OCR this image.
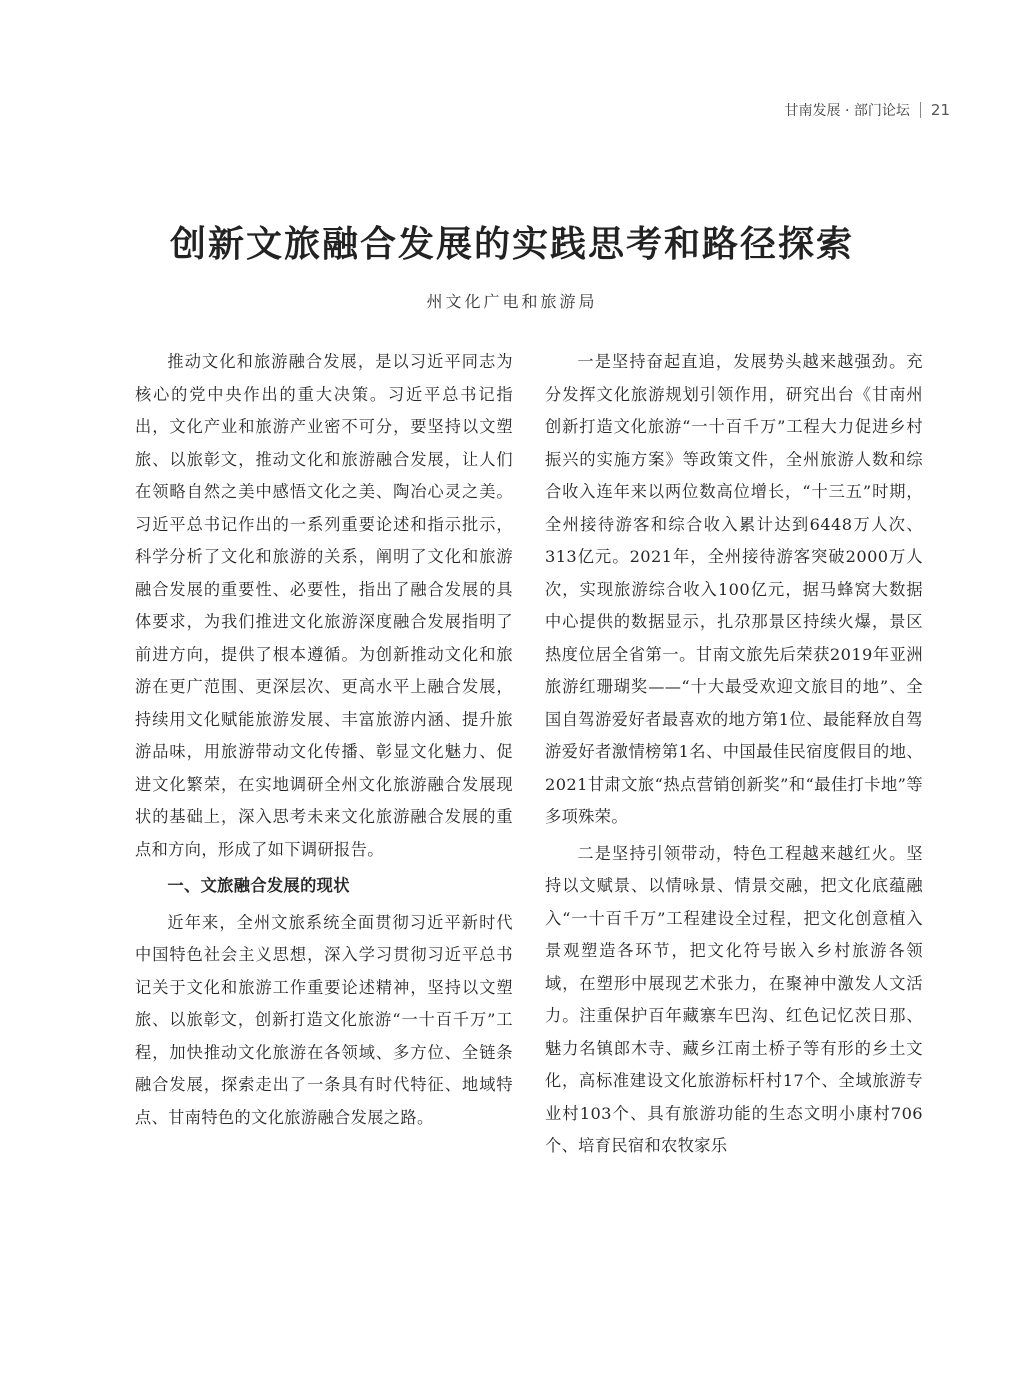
甘南发展 · 部门论坛 21
创新文旅融合发展的实践思考和路径探索
州文化广电和旅游局

推动文化和旅游融合发展，是以习近平同志为核心的党中央作出的重大决策。习近平总书记指出，文化产业和旅游产业密不可分，要坚持以文塑旅、以旅彰文，推动文化和旅游融合发展，让人们在领略自然之美中感悟文化之美、陶冶心灵之美。习近平总书记作出的一系列重要论述和指示批示，科学分析了文化和旅游的关系，阐明了文化和旅游融合发展的重要性、必要性，指出了融合发展的具体要求，为我们推进文化旅游深度融合发展指明了前进方向，提供了根本遵循。为创新推动文化和旅游在更广范围、更深层次、更高水平上融合发展，持续用文化赋能旅游发展、丰富旅游内涵、提升旅游品味，用旅游带动文化传播、彰显文化魅力、促进文化繁荣，在实地调研全州文化旅游融合发展现状的基础上，深入思考未来文化旅游融合发展的重点和方向，形成了如下调研报告。

一、文旅融合发展的现状

近年来，全州文旅系统全面贯彻习近平新时代中国特色社会主义思想，深入学习贯彻习近平总书记关于文化和旅游工作重要论述精神，坚持以文塑旅、以旅彰文，创新打造文化旅游“一十百千万”工程，加快推动文化旅游在各领域、多方位、全链条融合发展，探索走出了一条具有时代特征、地域特点、甘南特色的文化旅游融合发展之路。

一是坚持奋起直追，发展势头越来越强劲。充分发挥文化旅游规划引领作用，研究出台《甘南州创新打造文化旅游“一十百千万”工程大力促进乡村振兴的实施方案》等政策文件，全州旅游人数和综合收入连年来以两位数高位增长，“十三五”时期，全州接待游客和综合收入累计达到6448万人次、313亿元。2021年，全州接待游客突破2000万人次，实现旅游综合收入100亿元，据马蜂窝大数据中心提供的数据显示，扎尕那景区持续火爆，景区热度位居全省第一。甘南文旅先后荣获2019年亚洲旅游红珊瑚奖——“十大最受欢迎文旅目的地”、全国自驾游爱好者最喜欢的地方第1位、最能释放自驾游爱好者激情榜第1名、中国最佳民宿度假目的地、2021甘肃文旅“热点营销创新奖”和“最佳打卡地”等多项殊荣。

二是坚持引领带动，特色工程越来越红火。坚持以文赋景、以情咏景、情景交融，把文化底蕴融入“一十百千万”工程建设全过程，把文化创意植入景观塑造各环节，把文化符号嵌入乡村旅游各领域，在塑形中展现艺术张力，在聚神中激发人文活力。注重保护百年藏寨车巴沟、红色记忆茨日那、魅力名镇郎木寺、藏乡江南土桥子等有形的乡土文化，高标准建设文化旅游标杆村17个、全域旅游专业村103个、具有旅游功能的生态文明小康村706个、培育民宿和农牧家乐
